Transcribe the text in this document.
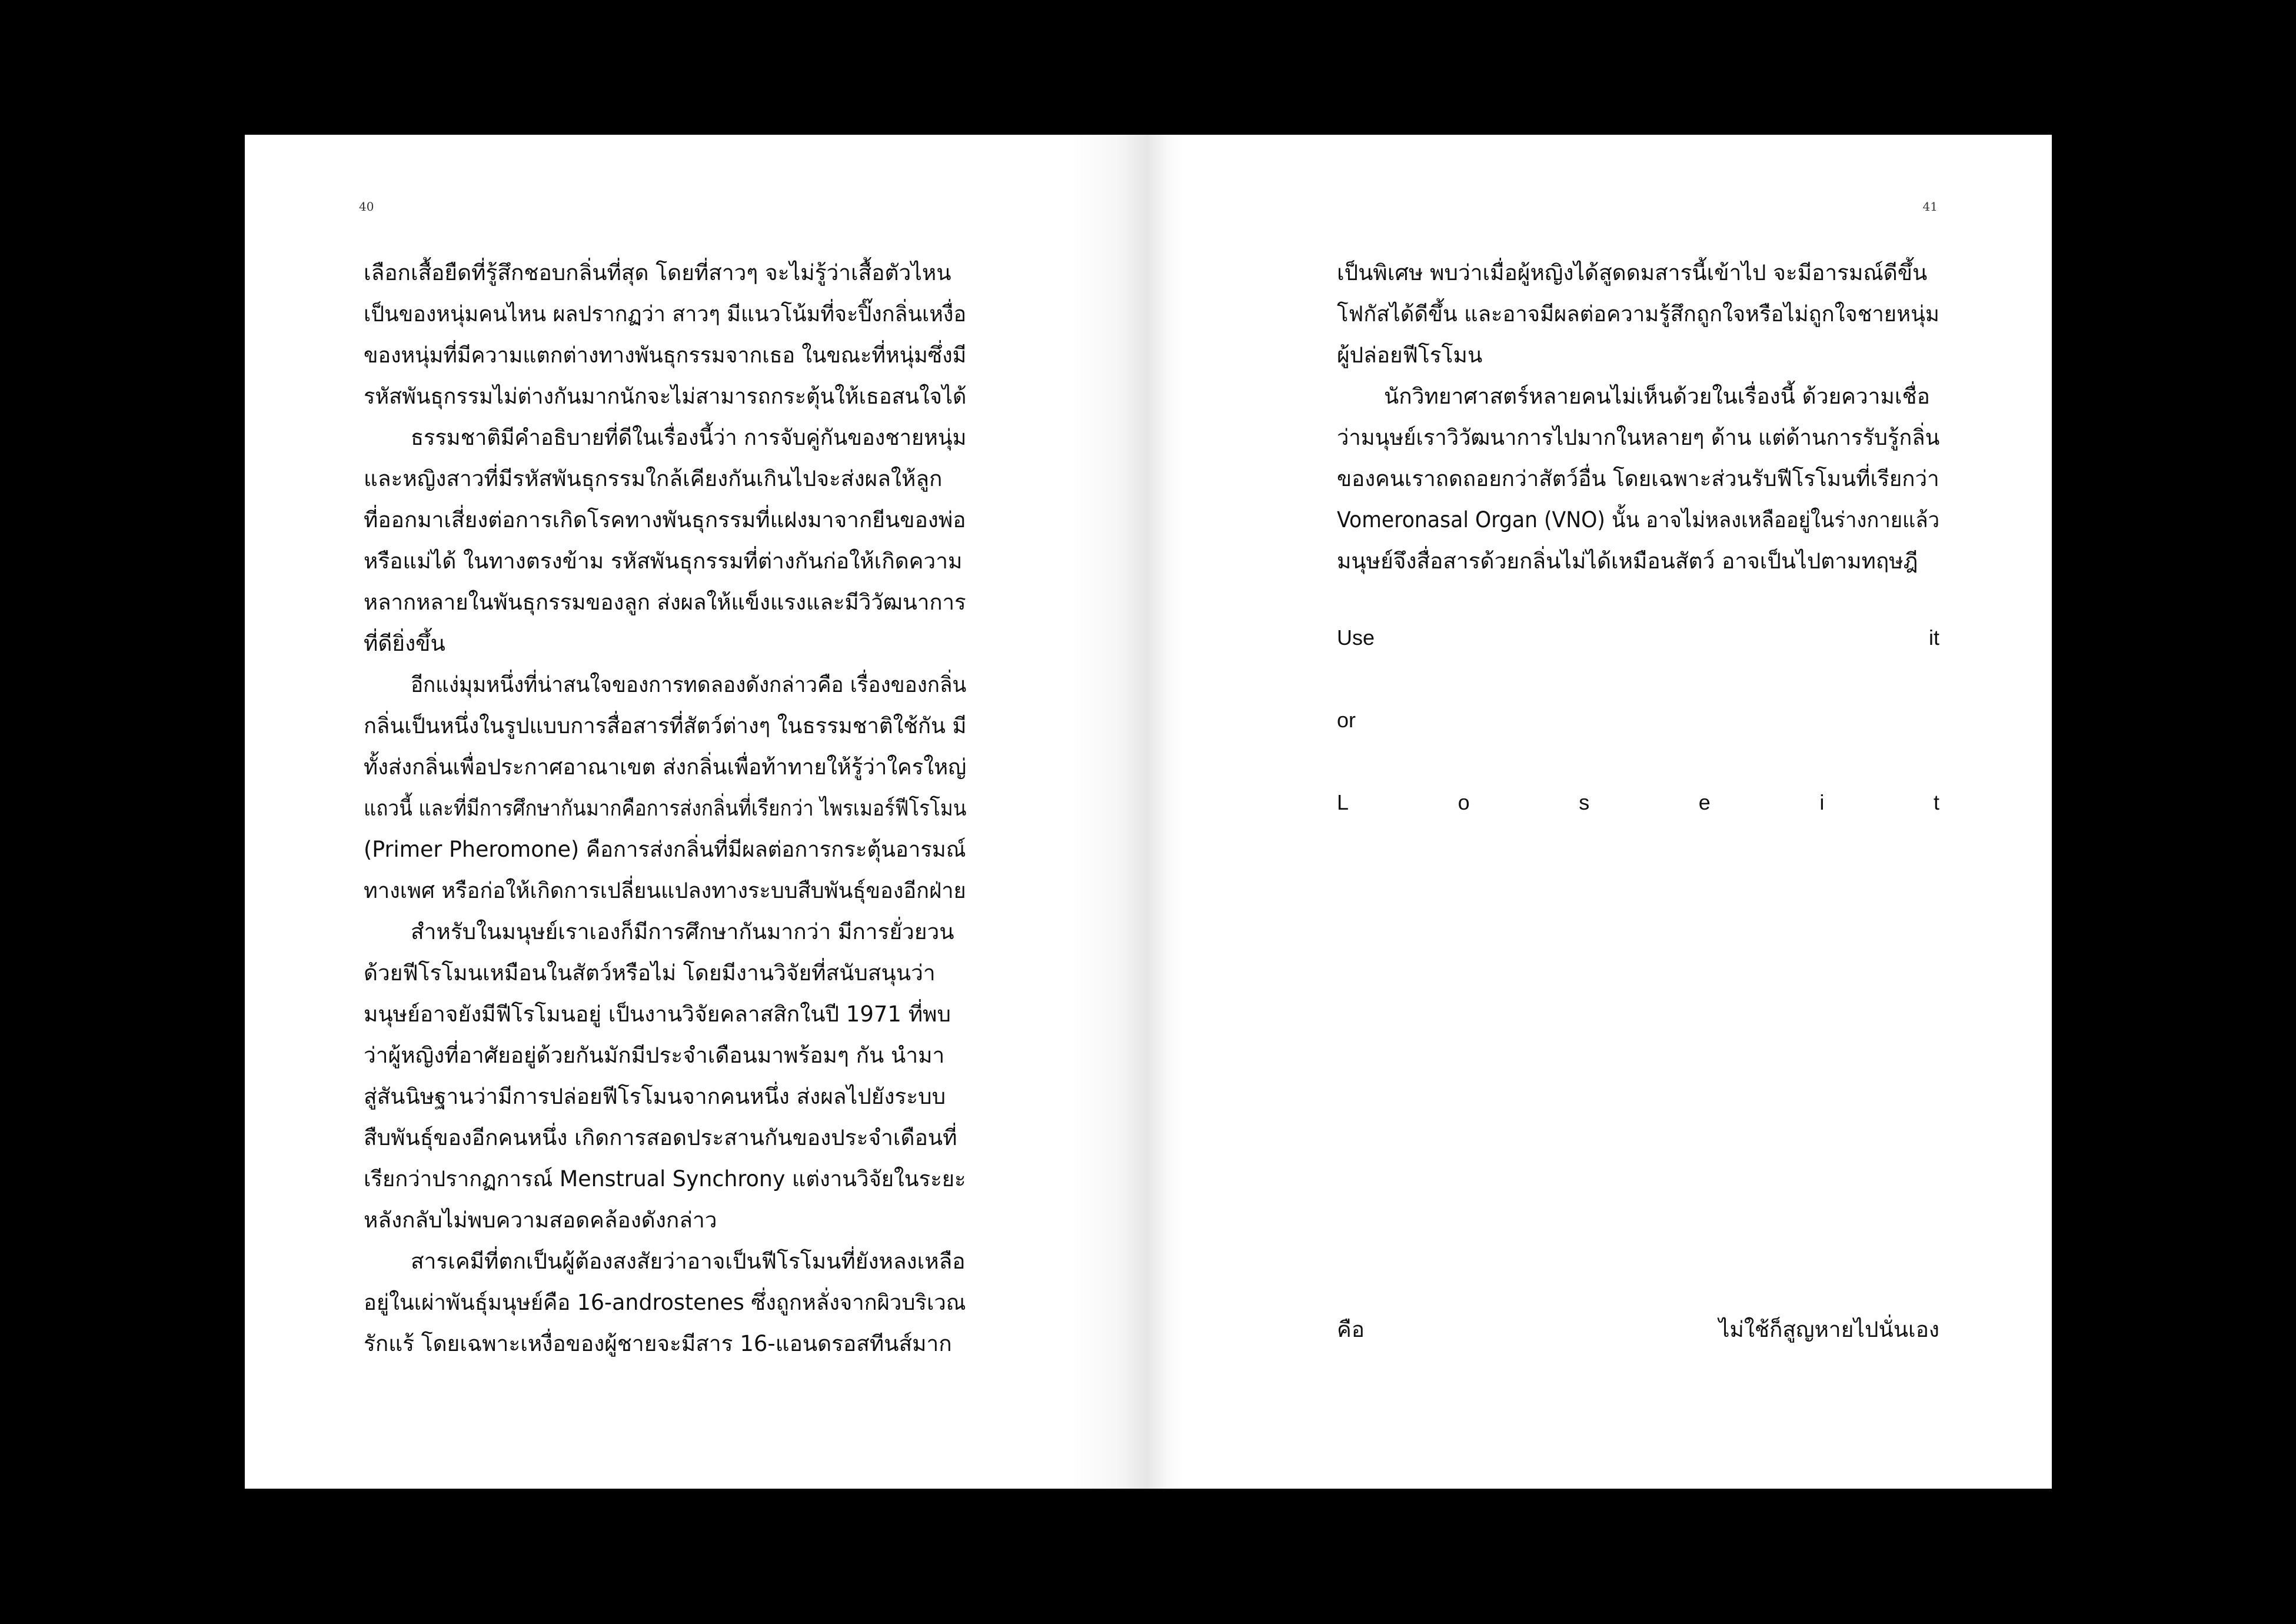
40
เลือกเสื้อยืดที่รู้สึกชอบกลิ่นที่สุด โดยที่สาวๆ จะไม่รู้ว่าเสื้อตัวไหน
เป็นของหนุ่มคนไหน ผลปรากฏว่า สาวๆ มีแนวโน้มที่จะปิ๊งกลิ่นเหงื่อ
ของหนุ่มที่มีความแตกต่างทางพันธุกรรมจากเธอ ในขณะที่หนุ่มซึ่งมี
รหัสพันธุกรรมไม่ต่างกันมากนักจะไม่สามารถกระตุ้นให้เธอสนใจได้
ธรรมชาติมีคำอธิบายที่ดีในเรื่องนี้ว่า การจับคู่กันของชายหนุ่ม
และหญิงสาวที่มีรหัสพันธุกรรมใกล้เคียงกันเกินไปจะส่งผลให้ลูก
ที่ออกมาเสี่ยงต่อการเกิดโรคทางพันธุกรรมที่แฝงมาจากยีนของพ่อ
หรือแม่ได้ ในทางตรงข้าม รหัสพันธุกรรมที่ต่างกันก่อให้เกิดความ
หลากหลายในพันธุกรรมของลูก ส่งผลให้แข็งแรงและมีวิวัฒนาการ
ที่ดียิ่งขึ้น
อีกแง่มุมหนึ่งที่น่าสนใจของการทดลองดังกล่าวคือ เรื่องของกลิ่น
กลิ่นเป็นหนึ่งในรูปแบบการสื่อสารที่สัตว์ต่างๆ ในธรรมชาติใช้กัน มี
ทั้งส่งกลิ่นเพื่อประกาศอาณาเขต ส่งกลิ่นเพื่อท้าทายให้รู้ว่าใครใหญ่
แถวนี้ และที่มีการศึกษากันมากคือการส่งกลิ่นที่เรียกว่า ไพรเมอร์ฟีโรโมน
(Primer Pheromone) คือการส่งกลิ่นที่มีผลต่อการกระตุ้นอารมณ์
ทางเพศ หรือก่อให้เกิดการเปลี่ยนแปลงทางระบบสืบพันธุ์ของอีกฝ่าย
สำหรับในมนุษย์เราเองก็มีการศึกษากันมากว่า มีการยั่วยวน
ด้วยฟีโรโมนเหมือนในสัตว์หรือไม่ โดยมีงานวิจัยที่สนับสนุนว่า
มนุษย์อาจยังมีฟีโรโมนอยู่ เป็นงานวิจัยคลาสสิกในปี 1971 ที่พบ
ว่าผู้หญิงที่อาศัยอยู่ด้วยกันมักมีประจำเดือนมาพร้อมๆ กัน นำมา
สู่สันนิษฐานว่ามีการปล่อยฟีโรโมนจากคนหนึ่ง ส่งผลไปยังระบบ
สืบพันธุ์ของอีกคนหนึ่ง เกิดการสอดประสานกันของประจำเดือนที่
เรียกว่าปรากฏการณ์ Menstrual Synchrony แต่งานวิจัยในระยะ
หลังกลับไม่พบความสอดคล้องดังกล่าว
สารเคมีที่ตกเป็นผู้ต้องสงสัยว่าอาจเป็นฟีโรโมนที่ยังหลงเหลือ
อยู่ในเผ่าพันธุ์มนุษย์คือ 16-androstenes ซึ่งถูกหลั่งจากผิวบริเวณ
รักแร้ โดยเฉพาะเหงื่อของผู้ชายจะมีสาร 16-แอนดรอสทีนส์มาก
41
เป็นพิเศษ พบว่าเมื่อผู้หญิงได้สูดดมสารนี้เข้าไป จะมีอารมณ์ดีขึ้น
โฟกัสได้ดีขึ้น และอาจมีผลต่อความรู้สึกถูกใจหรือไม่ถูกใจชายหนุ่ม
ผู้ปล่อยฟีโรโมน
นักวิทยาศาสตร์หลายคนไม่เห็นด้วยในเรื่องนี้ ด้วยความเชื่อ
ว่ามนุษย์เราวิวัฒนาการไปมากในหลายๆ ด้าน แต่ด้านการรับรู้กลิ่น
ของคนเราถดถอยกว่าสัตว์อื่น โดยเฉพาะส่วนรับฟีโรโมนที่เรียกว่า
Vomeronasal Organ (VNO) นั้น อาจไม่หลงเหลืออยู่ในร่างกายแล้ว
มนุษย์จึงสื่อสารด้วยกลิ่นไม่ได้เหมือนสัตว์ อาจเป็นไปตามทฤษฎี
Use	it
or
L	o	s	e	i	t
คือ	ไม่ใช้ก็สูญหายไปนั่นเอง
